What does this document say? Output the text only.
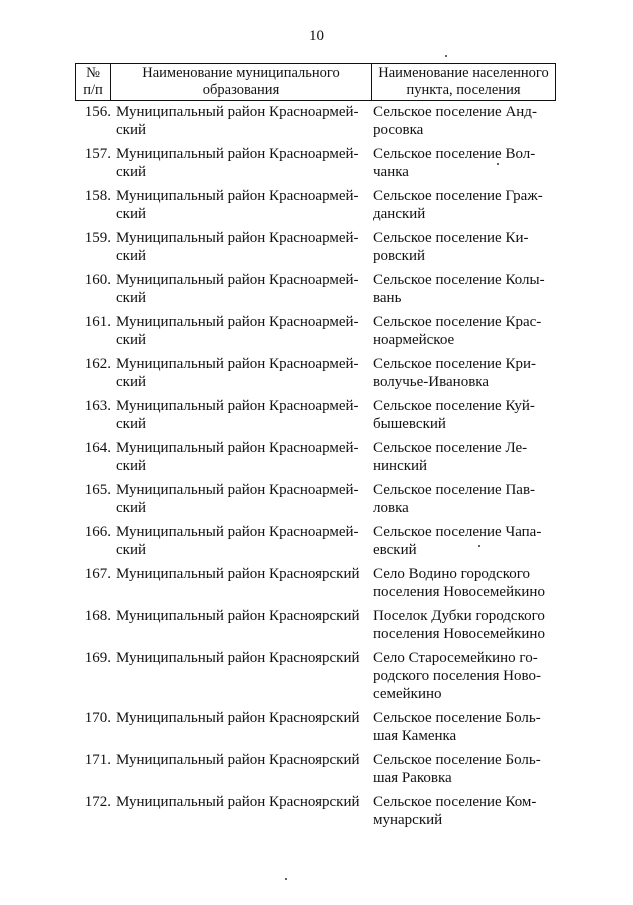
10
№
п/п
Наименование муниципального
образования
Наименование населенного
пункта, поселения
156. Муниципальный район Красноармей-
ский
Сельское поселение Анд-
росовка
157. Муниципальный район Красноармей-
ский
Сельское поселение Вол-
чанка
158. Муниципальный район Красноармей-
ский
Сельское поселение Граж-
данский
159. Муниципальный район Красноармей-
ский
Сельское поселение Ки-
ровский
160. Муниципальный район Красноармей-
ский
Сельское поселение Колы-
вань
161. Муниципальный район Красноармей-
ский
Сельское поселение Крас-
ноармейское
162. Муниципальный район Красноармей-
ский
Сельское поселение Кри-
волучье-Ивановка
163. Муниципальный район Красноармей-
ский
Сельское поселение Куй-
бышевский
164. Муниципальный район Красноармей-
ский
Сельское поселение Ле-
нинский
165. Муниципальный район Красноармей-
ский
Сельское поселение Пав-
ловка
166. Муниципальный район Красноармей-
ский
Сельское поселение Чапа-
евский
167. Муниципальный район Красноярский Село Водино городского
поселения Новосемейкино
168. Муниципальный район Красноярский Поселок Дубки городского
поселения Новосемейкино
169. Муниципальный район Красноярский Село Старосемейкино го-
родского поселения Ново-
семейкино
170. Муниципальный район Красноярский Сельское поселение Боль-
шая Каменка
171. Муниципальный район Красноярский Сельское поселение Боль-
шая Раковка
172. Муниципальный район Красноярский Сельское поселение Ком-
мунарский
